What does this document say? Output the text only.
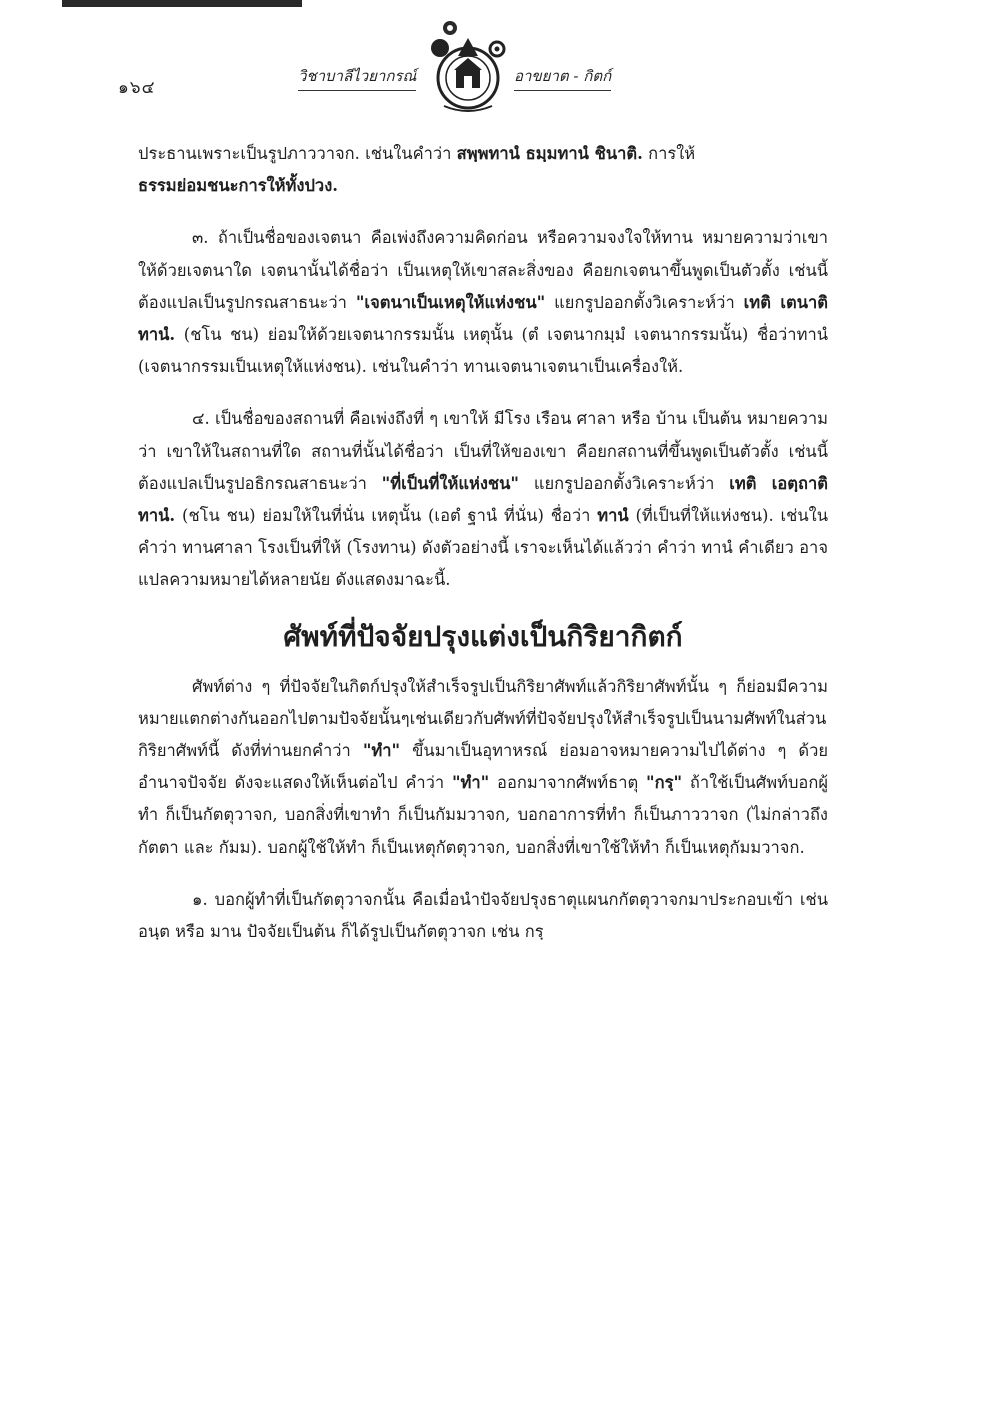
๑๖๔
วิชาบาลีไวยากรณ์	อาขยาต - กิตก์

ประธานเพราะเป็นรูปภาววาจก. เช่นในคำว่า สพฺพทานํ ธมฺมทานํ ชินาติ. การให้
ธรรมย่อมชนะการให้ทั้งปวง.

๓. ถ้าเป็นชื่อของเจตนา คือเพ่งถึงความคิดก่อน หรือความจงใจให้ทาน หมายความว่าเขาให้ด้วยเจตนาใด เจตนานั้นได้ชื่อว่า เป็นเหตุให้เขาสละสิ่งของ คือยกเจตนาขึ้นพูดเป็นตัวตั้ง เช่นนี้ต้องแปลเป็นรูปกรณสาธนะว่า "เจตนาเป็นเหตุให้แห่งชน" แยกรูปออกตั้งวิเคราะห์ว่า เทติ เตนาติ ทานํ. (ชโน ชน) ย่อมให้ด้วยเจตนากรรมนั้น เหตุนั้น (ตํ เจตนากมฺมํ เจตนากรรมนั้น) ชื่อว่าทานํ (เจตนากรรมเป็นเหตุให้แห่งชน). เช่นในคำว่า ทานเจตนาเจตนาเป็นเครื่องให้.

๔. เป็นชื่อของสถานที่ คือเพ่งถึงที่ ๆ เขาให้ มีโรง เรือน ศาลา หรือ บ้าน เป็นต้น หมายความว่า เขาให้ในสถานที่ใด สถานที่นั้นได้ชื่อว่า เป็นที่ให้ของเขา คือยกสถานที่ขึ้นพูดเป็นตัวตั้ง เช่นนี้ต้องแปลเป็นรูปอธิกรณสาธนะว่า "ที่เป็นที่ให้แห่งชน" แยกรูปออกตั้งวิเคราะห์ว่า เทติ เอตฺถาติ ทานํ. (ชโน ชน) ย่อมให้ในที่นั่น เหตุนั้น (เอตํ ฐานํ ที่นั่น) ชื่อว่า ทานํ (ที่เป็นที่ให้แห่งชน). เช่นในคำว่า ทานศาลา โรงเป็นที่ให้ (โรงทาน) ดังตัวอย่างนี้ เราจะเห็นได้แล้วว่า คำว่า ทานํ คำเดียว อาจแปลความหมายได้หลายนัย ดังแสดงมาฉะนี้.

ศัพท์ที่ปัจจัยปรุงแต่งเป็นกิริยากิตก์

ศัพท์ต่าง ๆ ที่ปัจจัยในกิตก์ปรุงให้สำเร็จรูปเป็นกิริยาศัพท์แล้วกิริยาศัพท์นั้น ๆ ก็ย่อมมีความหมายแตกต่างกันออกไปตามปัจจัยนั้นๆเช่นเดียวกับศัพท์ที่ปัจจัยปรุงให้สำเร็จรูปเป็นนามศัพท์ในส่วนกิริยาศัพท์นี้ ดังที่ท่านยกคำว่า "ทำ" ขึ้นมาเป็นอุทาหรณ์ ย่อมอาจหมายความไปได้ต่าง ๆ ด้วยอำนาจปัจจัย ดังจะแสดงให้เห็นต่อไป คำว่า "ทำ" ออกมาจากศัพท์ธาตุ "กรฺ" ถ้าใช้เป็นศัพท์บอกผู้ทำ ก็เป็นกัตตุวาจก, บอกสิ่งที่เขาทำ ก็เป็นกัมมวาจก, บอกอาการที่ทำ ก็เป็นภาววาจก (ไม่กล่าวถึงกัตตา และ กัมม). บอกผู้ใช้ให้ทำ ก็เป็นเหตุกัตตุวาจก, บอกสิ่งที่เขาใช้ให้ทำ ก็เป็นเหตุกัมมวาจก.

๑. บอกผู้ทำที่เป็นกัตตุวาจกนั้น คือเมื่อนำปัจจัยปรุงธาตุแผนกกัตตุวาจกมาประกอบเข้า เช่น อนฺต หรือ มาน ปัจจัยเป็นต้น ก็ได้รูปเป็นกัตตุวาจก เช่น กรฺ
